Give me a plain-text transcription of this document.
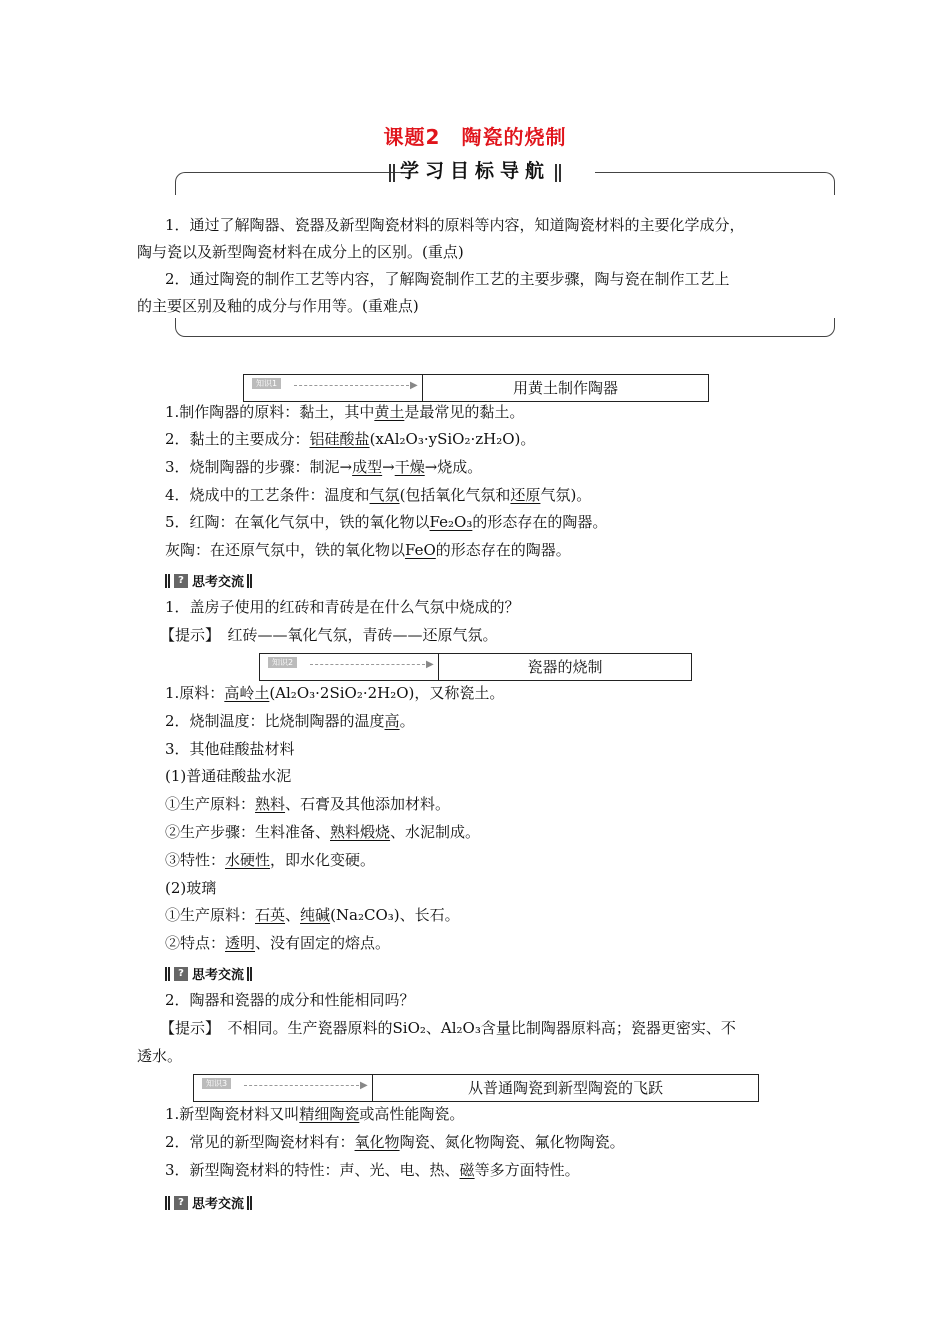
课题2　陶瓷的烧制
学习目标导航
1．通过了解陶器、瓷器及新型陶瓷材料的原料等内容，知道陶瓷材料的主要化学成分，
陶与瓷以及新型陶瓷材料在成分上的区别。(重点)
2．通过陶瓷的制作工艺等内容，了解陶瓷制作工艺的主要步骤，陶与瓷在制作工艺上
的主要区别及釉的成分与作用等。(重难点)
知识1	▶	用黄土制作陶器
1.制作陶器的原料：黏土，其中黄土是最常见的黏土。
2．黏土的主要成分：铝硅酸盐(xAl₂O₃·ySiO₂·zH₂O)。
3．烧制陶器的步骤：制泥→成型→干燥→烧成。
4．烧成中的工艺条件：温度和气氛(包括氧化气氛和还原气氛)。
5．红陶：在氧化气氛中，铁的氧化物以Fe₂O₃的形态存在的陶器。
灰陶：在还原气氛中，铁的氧化物以FeO的形态存在的陶器。
? 思考交流
1．盖房子使用的红砖和青砖是在什么气氛中烧成的？
【提示】　 红砖——氧化气氛，青砖——还原气氛。
知识2	▶	瓷器的烧制
1.原料：高岭土(Al₂O₃·2SiO₂·2H₂O)，又称瓷土。
2．烧制温度：比烧制陶器的温度高。
3．其他硅酸盐材料
(1)普通硅酸盐水泥
①生产原料：熟料、石膏及其他添加材料。
②生产步骤：生料准备、熟料煅烧、水泥制成。
③特性：水硬性，即水化变硬。
(2)玻璃
①生产原料：石英、纯碱(Na₂CO₃)、长石。
②特点：透明、没有固定的熔点。
? 思考交流
2．陶器和瓷器的成分和性能相同吗？
【提示】　 不相同。生产瓷器原料的SiO₂、Al₂O₃含量比制陶器原料高；瓷器更密实、不
透水。
知识3	▶	从普通陶瓷到新型陶瓷的飞跃
1.新型陶瓷材料又叫精细陶瓷或高性能陶瓷。
2．常见的新型陶瓷材料有：氧化物陶瓷、氮化物陶瓷、氟化物陶瓷。
3．新型陶瓷材料的特性：声、光、电、热、磁等多方面特性。
? 思考交流
